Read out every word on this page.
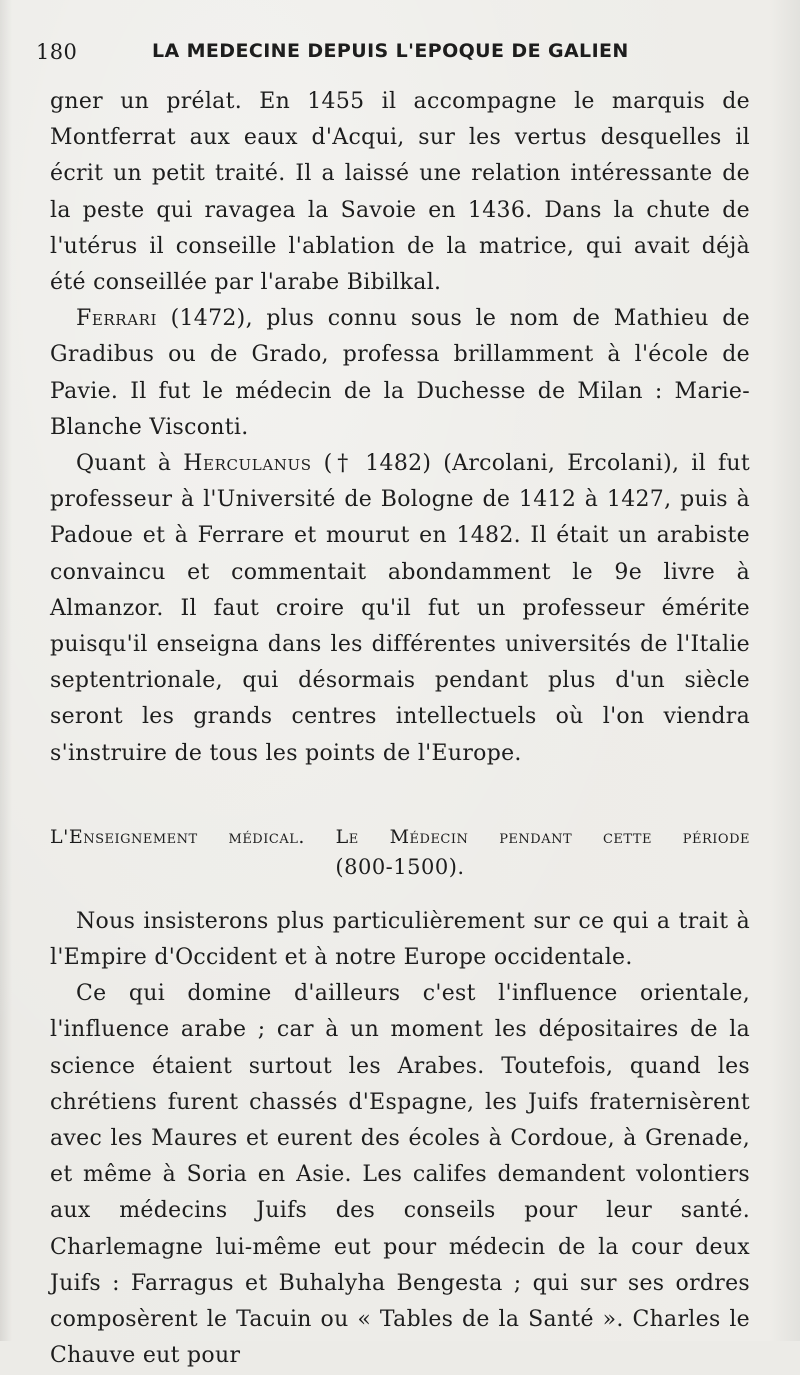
180	LA MEDECINE DEPUIS L'EPOQUE DE GALIEN

gner un prélat. En 1455 il accompagne le marquis de Montferrat aux eaux d'Acqui, sur les vertus desquelles il écrit un petit traité. Il a laissé une relation intéressante de la peste qui ravagea la Savoie en 1436. Dans la chute de l'utérus il conseille l'ablation de la matrice, qui avait déjà été conseillée par l'arabe Bibilkal.

Ferrari (1472), plus connu sous le nom de Mathieu de Gradibus ou de Grado, professa brillamment à l'école de Pavie. Il fut le médecin de la Duchesse de Milan : Marie-Blanche Visconti.

Quant à Herculanus († 1482) (Arcolani, Ercolani), il fut professeur à l'Université de Bologne de 1412 à 1427, puis à Padoue et à Ferrare et mourut en 1482. Il était un arabiste convaincu et commentait abondamment le 9e livre à Almanzor. Il faut croire qu'il fut un professeur émérite puisqu'il enseigna dans les différentes universités de l'Italie septentrionale, qui désormais pendant plus d'un siècle seront les grands centres intellectuels où l'on viendra s'instruire de tous les points de l'Europe.

L'Enseignement médical. Le Médecin pendant cette période
(800-1500).

Nous insisterons plus particulièrement sur ce qui a trait à l'Empire d'Occident et à notre Europe occidentale.

Ce qui domine d'ailleurs c'est l'influence orientale, l'influence arabe ; car à un moment les dépositaires de la science étaient surtout les Arabes. Toutefois, quand les chrétiens furent chassés d'Espagne, les Juifs fraternisèrent avec les Maures et eurent des écoles à Cordoue, à Grenade, et même à Soria en Asie. Les califes demandent volontiers aux médecins Juifs des conseils pour leur santé. Charlemagne lui-même eut pour médecin de la cour deux Juifs : Farragus et Buhalyha Bengesta ; qui sur ses ordres composèrent le Tacuin ou « Tables de la Santé ». Charles le Chauve eut pour
